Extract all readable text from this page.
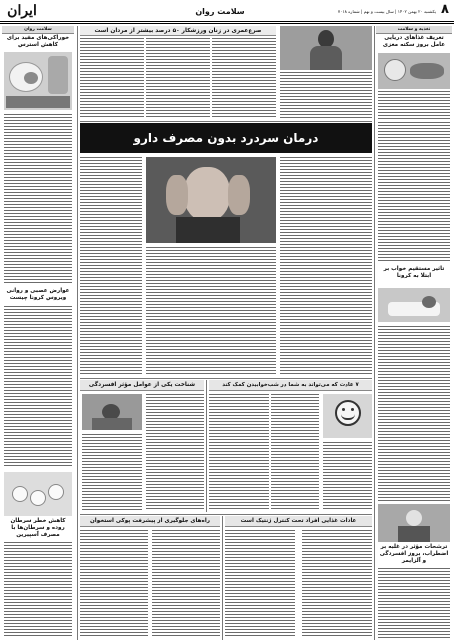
ایران	سلامت روان	۸
یکشنبه ۲۰ بهمن ۱۴۰۲ | سال بیست و نهم | شماره ۷۰۱۸
سلامت روان
خوراکی‌های مفید برای کاهش استرس
عوارض عصبی و روانی ویروس کرونا چیست
کاهش خطر سرطان روده و سرطان‌ها با مصرف آسپیرین
صرع‌عمری در زنان ورزشکار ۵۰ درصد بیشتر از مردان است	تغذیه و سلامت
تعریف غذاهای دریایی عامل بروز سکته مغزی
درمان سردرد بدون مصرف دارو
تاثیر مستقیم خواب بر ابتلا به کرونا
شناخت یکی از عوامل مؤثر افسردگی	۷ عادت که می‌تواند به شما در شب‌خوابیدن کمک کند
ترشحات مؤثر در غلبه بر اضطراب، بروز افسردگی و آلزایمر
راه‌های جلوگیری از پیشرفت پوکی استخوان	عادات غذایی افراد تحت کنترل ژنتیک است
